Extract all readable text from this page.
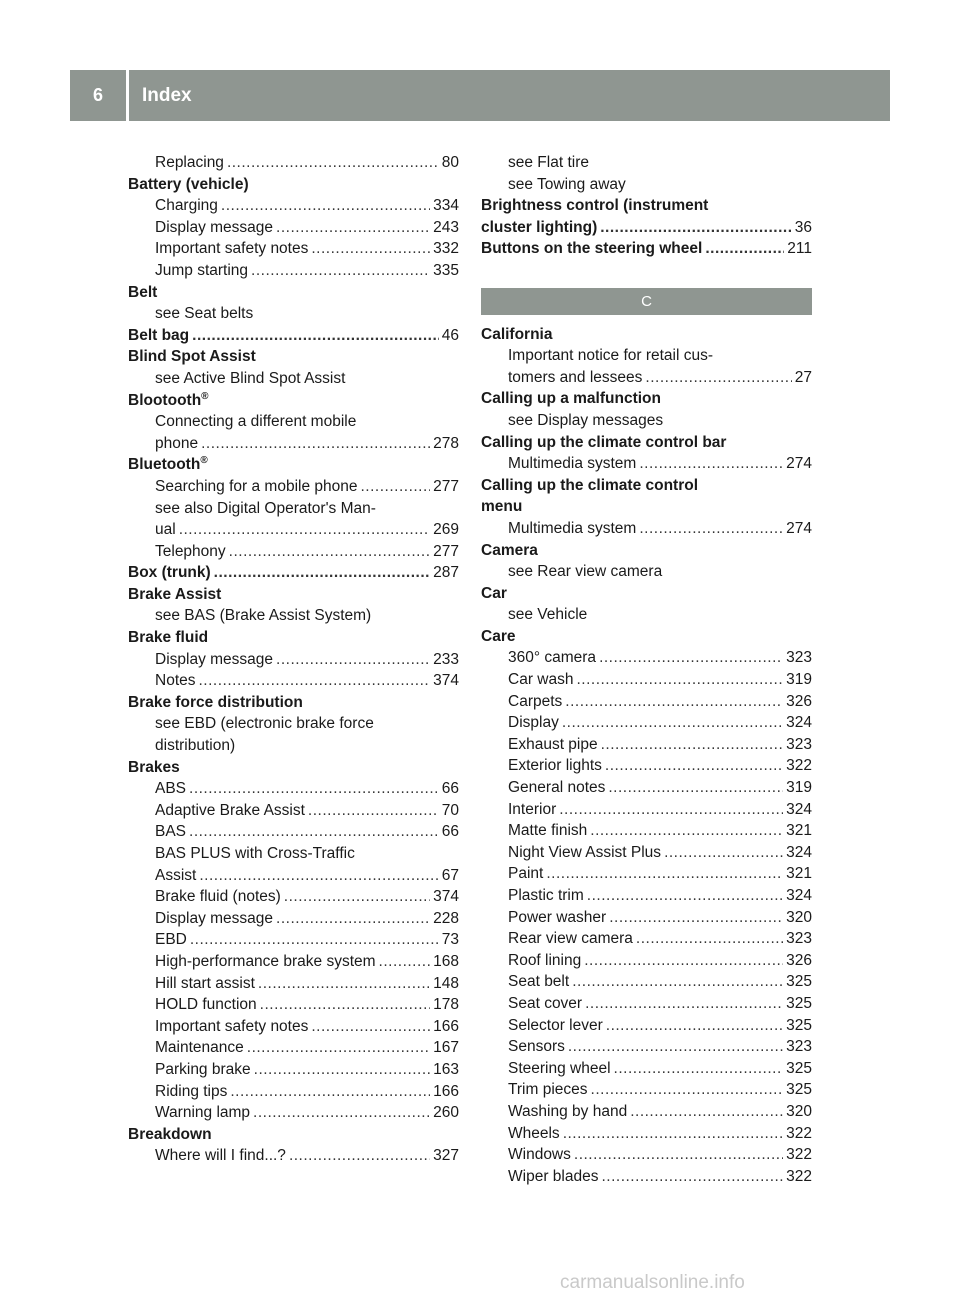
6	Index
Replacing .....	80
Battery (vehicle)
Charging .....	334
Display message .....	243
Important safety notes .....	332
Jump starting .....	335
Belt
see Seat belts
Belt bag .....	46
Blind Spot Assist
see Active Blind Spot Assist
Blootooth®
Connecting a different mobile
phone .....	278
Bluetooth®
Searching for a mobile phone .....	277
see also Digital Operator's Man-
ual .....	269
Telephony .....	277
Box (trunk) .....	287
Brake Assist
see BAS (Brake Assist System)
Brake fluid
Display message .....	233
Notes .....	374
Brake force distribution
see EBD (electronic brake force
distribution)
Brakes
ABS .....	66
Adaptive Brake Assist .....	70
BAS .....	66
BAS PLUS with Cross-Traffic
Assist .....	67
Brake fluid (notes) .....	374
Display message .....	228
EBD .....	73
High-performance brake system .....	168
Hill start assist .....	148
HOLD function .....	178
Important safety notes .....	166
Maintenance .....	167
Parking brake .....	163
Riding tips .....	166
Warning lamp .....	260
Breakdown
Where will I find...? .....	327
see Flat tire
see Towing away
Brightness control (instrument
cluster lighting) .....	36
Buttons on the steering wheel .....	211
C
California
Important notice for retail cus-
tomers and lessees .....	27
Calling up a malfunction
see Display messages
Calling up the climate control bar
Multimedia system .....	274
Calling up the climate control
menu
Multimedia system .....	274
Camera
see Rear view camera
Car
see Vehicle
Care
360° camera .....	323
Car wash .....	319
Carpets .....	326
Display .....	324
Exhaust pipe .....	323
Exterior lights .....	322
General notes .....	319
Interior .....	324
Matte finish .....	321
Night View Assist Plus .....	324
Paint .....	321
Plastic trim .....	324
Power washer .....	320
Rear view camera .....	323
Roof lining .....	326
Seat belt .....	325
Seat cover .....	325
Selector lever .....	325
Sensors .....	323
Steering wheel .....	325
Trim pieces .....	325
Washing by hand .....	320
Wheels .....	322
Windows .....	322
Wiper blades .....	322
carmanualsonline.info
